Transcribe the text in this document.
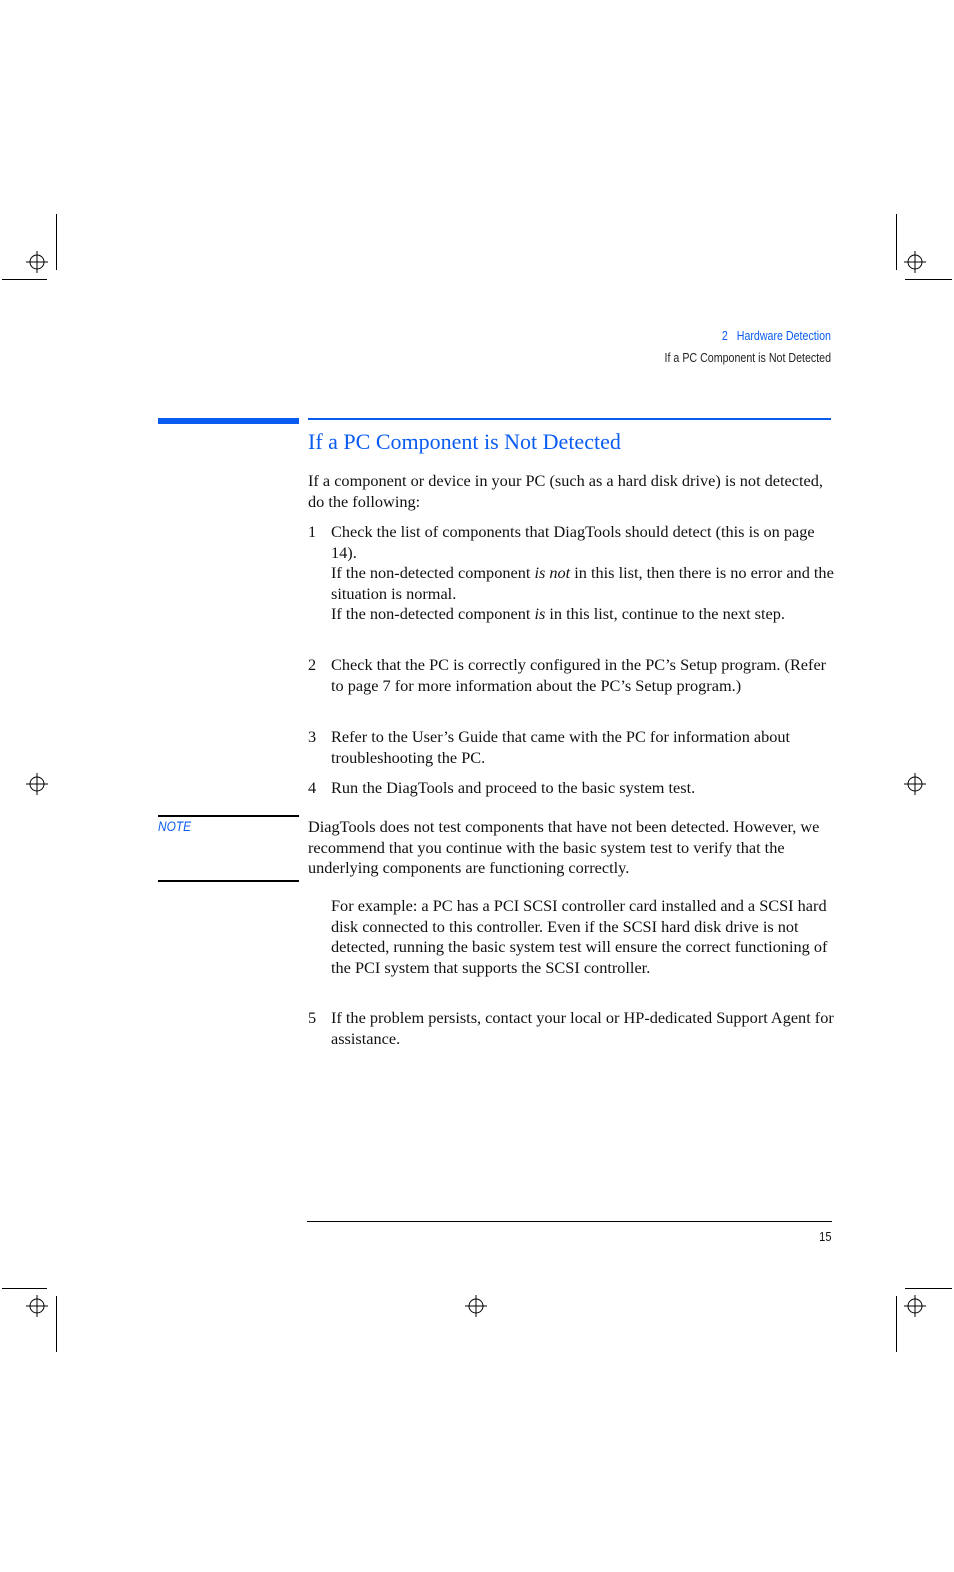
2 Hardware Detection
If a PC Component is Not Detected
If a PC Component is Not Detected
If a component or device in your PC (such as a hard disk drive) is not detected, do the following:
1 Check the list of components that DiagTools should detect (this is on page 14).

If the non-detected component is not in this list, then there is no error and the situation is normal.

If the non-detected component is in this list, continue to the next step.

2 Check that the PC is correctly configured in the PC’s Setup program. (Refer to page 7 for more information about the PC’s Setup program.)
3 Refer to the User’s Guide that came with the PC for information about troubleshooting the PC.
4 Run the DiagTools and proceed to the basic system test.
NOTE	DiagTools does not test components that have not been detected. However, we recommend that you continue with the basic system test to verify that the underlying components are functioning correctly.
For example: a PC has a PCI SCSI controller card installed and a SCSI hard disk connected to this controller. Even if the SCSI hard disk drive is not detected, running the basic system test will ensure the correct functioning of the PCI system that supports the SCSI controller.
5 If the problem persists, contact your local or HP-dedicated Support Agent for assistance.
15
